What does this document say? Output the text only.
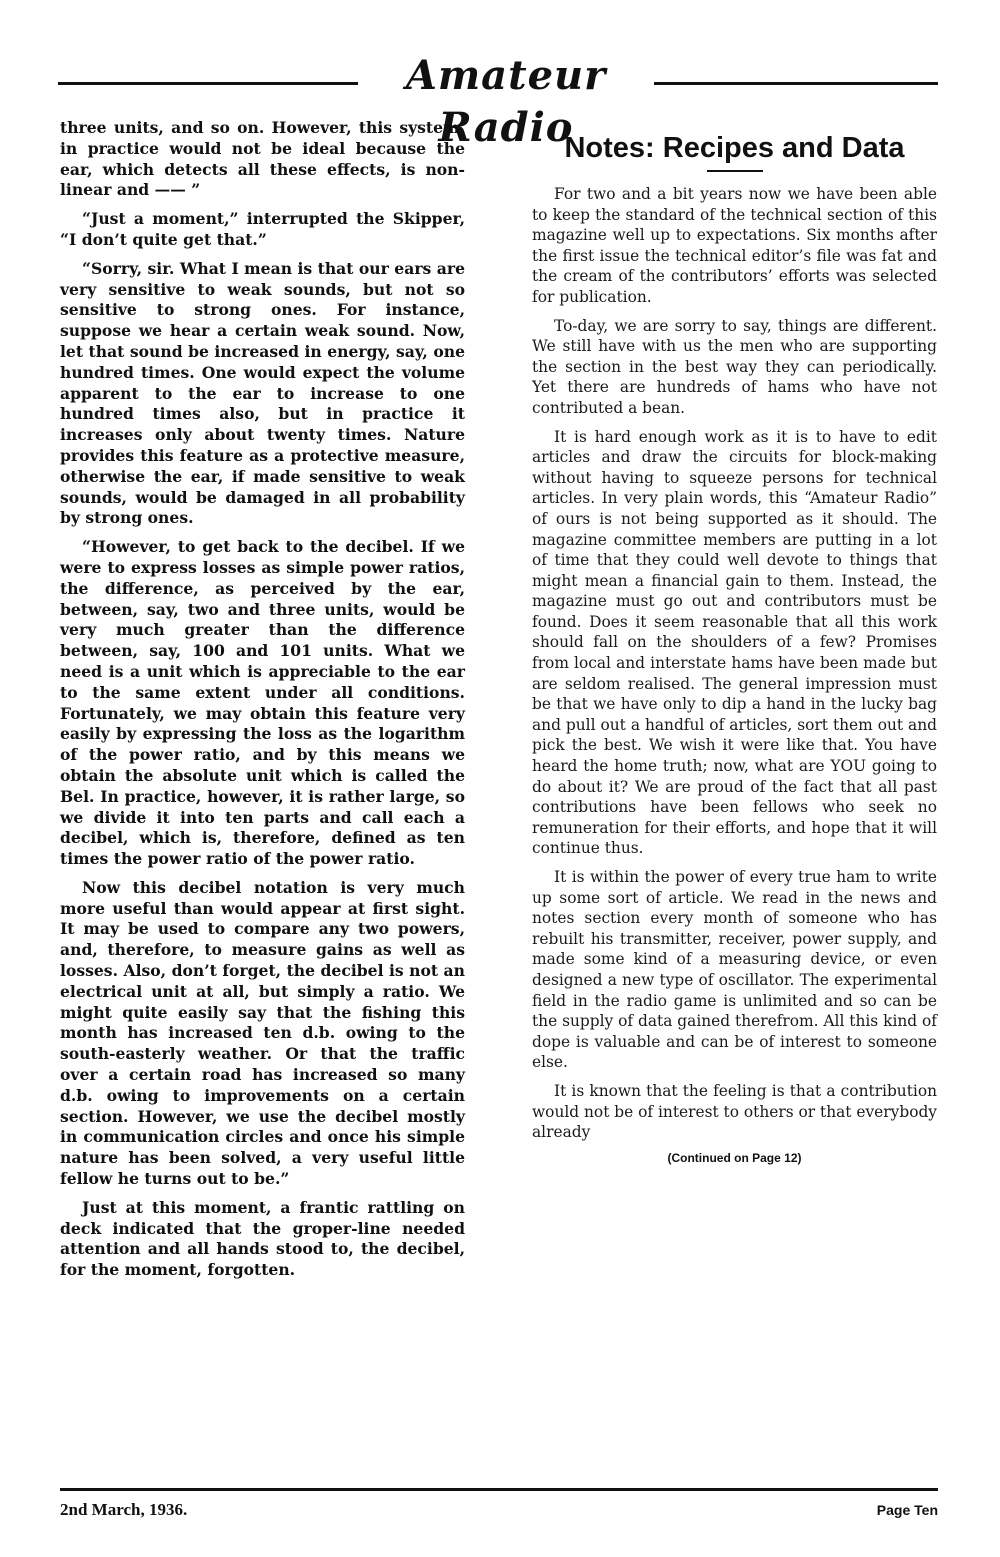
Amateur Radio

three units, and so on. However, this system, in practice would not be ideal because the ear, which detects all these effects, is non-linear and —— ”

“Just a moment,” interrupted the Skipper, “I don’t quite get that.”

“Sorry, sir. What I mean is that our ears are very sensitive to weak sounds, but not so sensitive to strong ones. For instance, suppose we hear a certain weak sound. Now, let that sound be increased in energy, say, one hundred times. One would expect the volume apparent to the ear to increase to one hundred times also, but in practice it increases only about twenty times. Nature provides this feature as a protective measure, otherwise the ear, if made sensitive to weak sounds, would be damaged in all probability by strong ones.

“However, to get back to the decibel. If we were to express losses as simple power ratios, the difference, as perceived by the ear, between, say, two and three units, would be very much greater than the difference between, say, 100 and 101 units. What we need is a unit which is appreciable to the ear to the same extent under all conditions. Fortunately, we may obtain this feature very easily by expressing the loss as the logarithm of the power ratio, and by this means we obtain the absolute unit which is called the Bel. In practice, however, it is rather large, so we divide it into ten parts and call each a decibel, which is, therefore, defined as ten times the power ratio of the power ratio.

Now this decibel notation is very much more useful than would appear at first sight. It may be used to compare any two powers, and, therefore, to measure gains as well as losses. Also, don’t forget, the decibel is not an electrical unit at all, but simply a ratio. We might quite easily say that the fishing this month has increased ten d.b. owing to the south-easterly weather. Or that the traffic over a certain road has increased so many d.b. owing to improvements on a certain section. However, we use the decibel mostly in communication circles and once his simple nature has been solved, a very useful little fellow he turns out to be.”

Just at this moment, a frantic rattling on deck indicated that the groper-line needed attention and all hands stood to, the decibel, for the moment, forgotten.

Notes: Recipes and Data

For two and a bit years now we have been able to keep the standard of the technical section of this magazine well up to expectations. Six months after the first issue the technical editor’s file was fat and the cream of the contributors’ efforts was selected for publication.

To-day, we are sorry to say, things are different. We still have with us the men who are supporting the section in the best way they can periodically. Yet there are hundreds of hams who have not contributed a bean.

It is hard enough work as it is to have to edit articles and draw the circuits for block-making without having to squeeze persons for technical articles. In very plain words, this “Amateur Radio” of ours is not being supported as it should. The magazine committee members are putting in a lot of time that they could well devote to things that might mean a financial gain to them. Instead, the magazine must go out and contributors must be found. Does it seem reasonable that all this work should fall on the shoulders of a few? Promises from local and interstate hams have been made but are seldom realised. The general impression must be that we have only to dip a hand in the lucky bag and pull out a handful of articles, sort them out and pick the best. We wish it were like that. You have heard the home truth; now, what are YOU going to do about it? We are proud of the fact that all past contributions have been fellows who seek no remuneration for their efforts, and hope that it will continue thus.

It is within the power of every true ham to write up some sort of article. We read in the news and notes section every month of someone who has rebuilt his transmitter, receiver, power supply, and made some kind of a measuring device, or even designed a new type of oscillator. The experimental field in the radio game is unlimited and so can be the supply of data gained therefrom. All this kind of dope is valuable and can be of interest to someone else.

It is known that the feeling is that a contribution would not be of interest to others or that everybody already

(Continued on Page 12)
2nd March, 1936.	Page Ten
